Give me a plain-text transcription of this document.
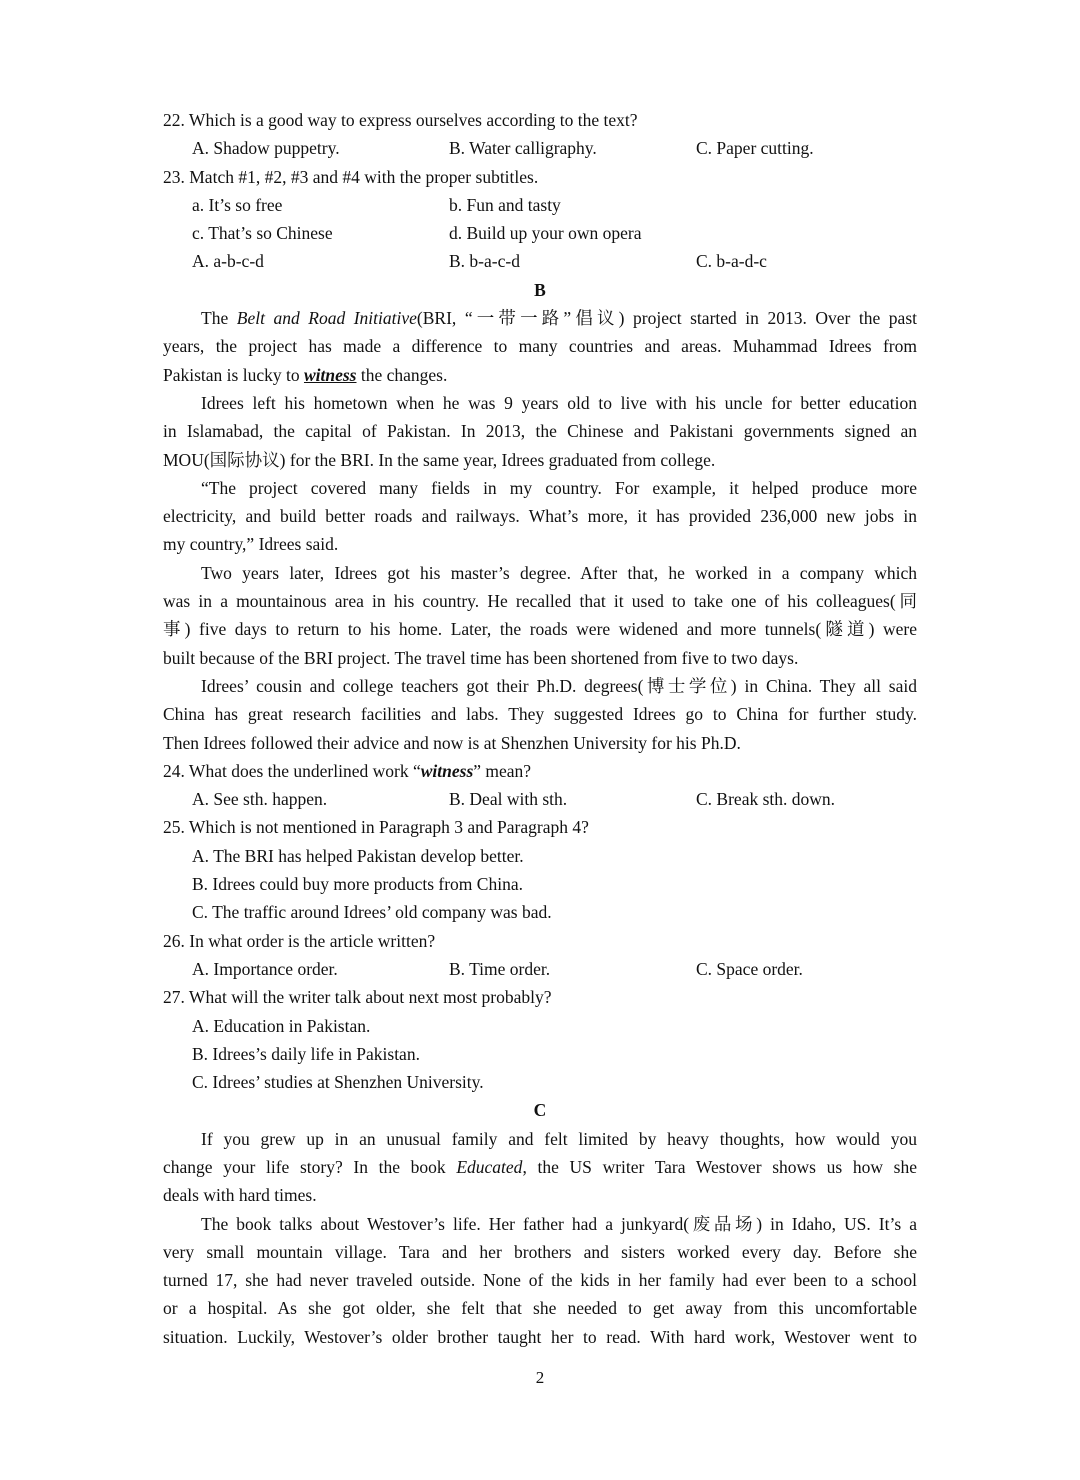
22. Which is a good way to express ourselves according to the text?
A. Shadow puppetry.	B. Water calligraphy.	C. Paper cutting.
23. Match #1, #2, #3 and #4 with the proper subtitles.
a. It’s so free	b. Fun and tasty
c. That’s so Chinese	d. Build up your own opera
A. a-b-c-d	B. b-a-c-d	C. b-a-d-c
B
The Belt and Road Initiative(BRI, “一带一路”倡议) project started in 2013. Over the past
years, the project has made a difference to many countries and areas. Muhammad Idrees from
Pakistan is lucky to witness the changes.
Idrees left his hometown when he was 9 years old to live with his uncle for better education
in Islamabad, the capital of Pakistan. In 2013, the Chinese and Pakistani governments signed an
MOU(国际协议) for the BRI. In the same year, Idrees graduated from college.
“The project covered many fields in my country. For example, it helped produce more
electricity, and build better roads and railways. What’s more, it has provided 236,000 new jobs in
my country,” Idrees said.
Two years later, Idrees got his master’s degree. After that, he worked in a company which
was in a mountainous area in his country. He recalled that it used to take one of his colleagues(同
事) five days to return to his home. Later, the roads were widened and more tunnels(隧道) were
built because of the BRI project. The travel time has been shortened from five to two days.
Idrees’ cousin and college teachers got their Ph.D. degrees(博士学位) in China. They all said
China has great research facilities and labs. They suggested Idrees go to China for further study.
Then Idrees followed their advice and now is at Shenzhen University for his Ph.D.
24. What does the underlined work “witness” mean?
A. See sth. happen.	B. Deal with sth.	C. Break sth. down.
25. Which is not mentioned in Paragraph 3 and Paragraph 4?
A. The BRI has helped Pakistan develop better.
B. Idrees could buy more products from China.
C. The traffic around Idrees’ old company was bad.
26. In what order is the article written?
A. Importance order.	B. Time order.	C. Space order.
27. What will the writer talk about next most probably?
A. Education in Pakistan.
B. Idrees’s daily life in Pakistan.
C. Idrees’ studies at Shenzhen University.
C
If you grew up in an unusual family and felt limited by heavy thoughts, how would you
change your life story? In the book Educated, the US writer Tara Westover shows us how she
deals with hard times.
The book talks about Westover’s life. Her father had a junkyard(废品场) in Idaho, US. It’s a
very small mountain village. Tara and her brothers and sisters worked every day. Before she
turned 17, she had never traveled outside. None of the kids in her family had ever been to a school
or a hospital. As she got older, she felt that she needed to get away from this uncomfortable
situation. Luckily, Westover’s older brother taught her to read. With hard work, Westover went to
2
